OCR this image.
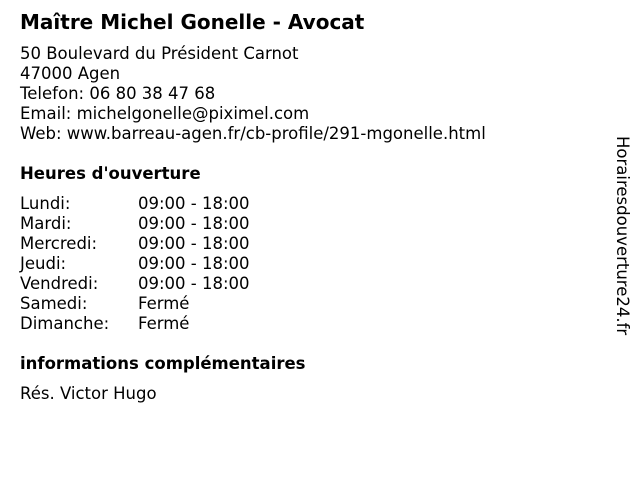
Maître Michel Gonelle - Avocat
50 Boulevard du Président Carnot
47000 Agen
Telefon: 06 80 38 47 68
Email: michelgonelle@piximel.com
Web: www.barreau-agen.fr/cb-profile/291-mgonelle.html
Heures d'ouverture
Lundi:	09:00 - 18:00
Mardi:	09:00 - 18:00
Mercredi: 09:00 - 18:00
Jeudi:	09:00 - 18:00
Vendredi: 09:00 - 18:00
Samedi:	Fermé
Dimanche: Fermé
informations complémentaires
Rés. Victor Hugo
Horairesdouverture24.fr
